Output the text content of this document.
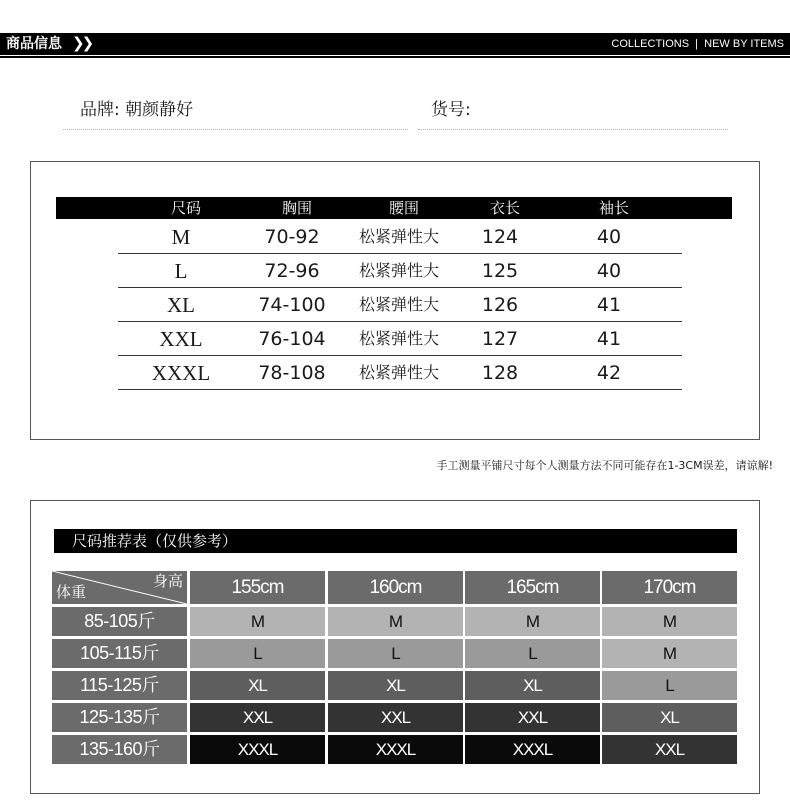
商品信息 ❯❯	COLLECTIONS  |  NEW BY ITEMS
品牌: 朝颜静好	货号:
尺码	胸围	腰围	衣长	袖长
M	70-92 松紧弹性大 124	40
L	72-96 松紧弹性大 125	40
XL	74-100 松紧弹性大 126	41
XXL	76-104 松紧弹性大 127	41
XXXL	78-108 松紧弹性大 128	42
手工测量平铺尺寸每个人测量方法不同可能存在1-3CM误差，请谅解!
尺码推荐表（仅供参考）
体重
身高	155cm	160cm	165cm	170cm
85-105斤	M	M	M	M
105-115斤	L	L	L	M
115-125斤	XL	XL	XL	L
125-135斤	XXL	XXL	XXL	XL
135-160斤	XXXL	XXXL	XXXL	XXL
